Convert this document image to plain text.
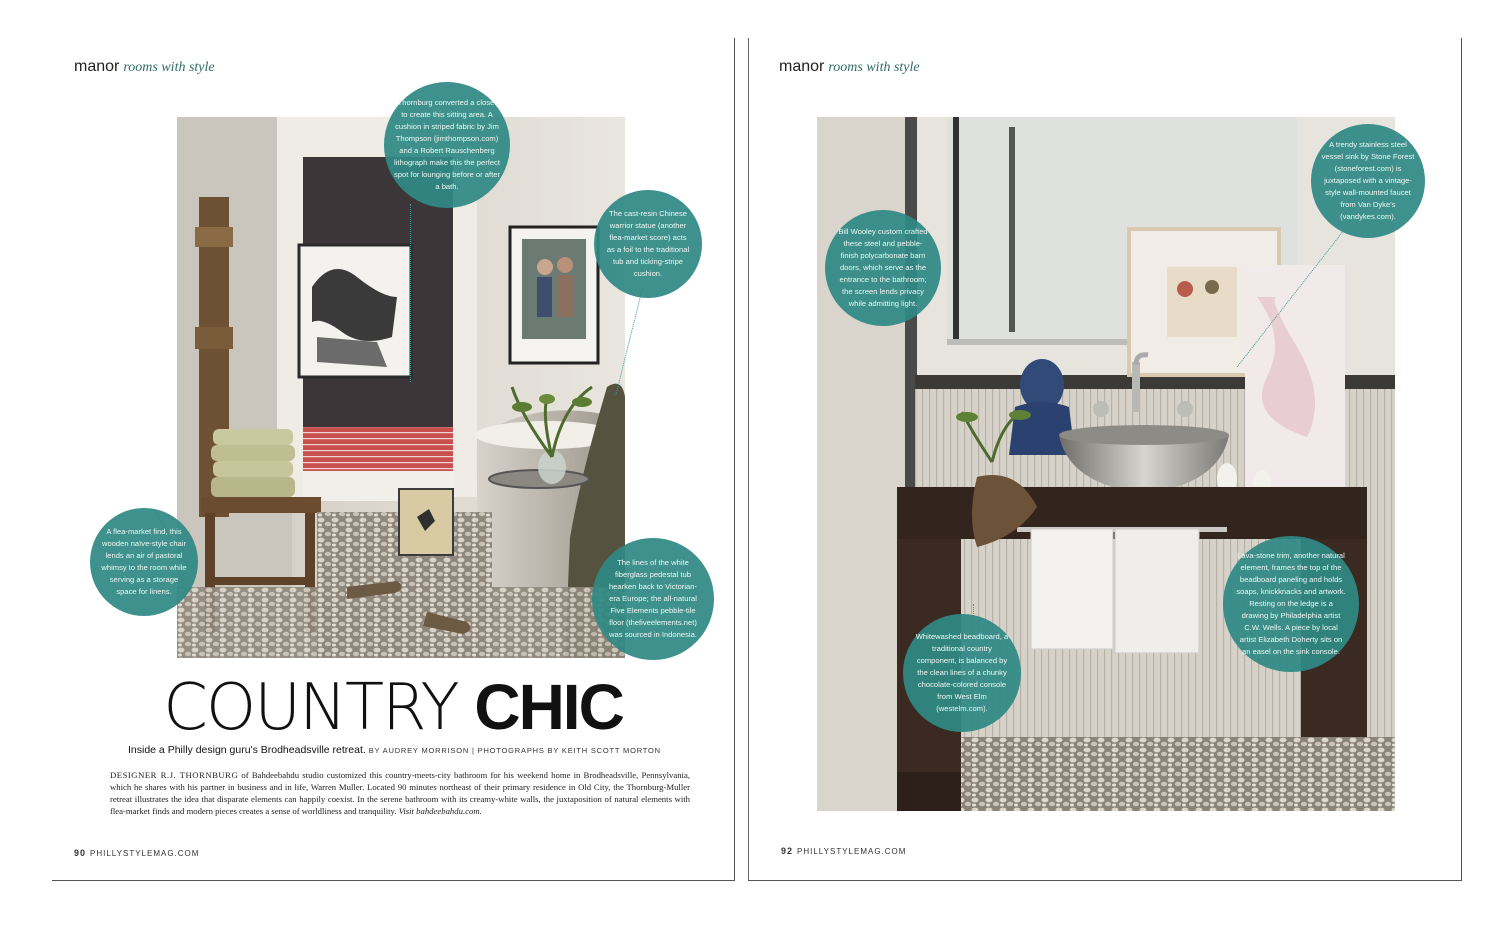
manor rooms with style
Thornburg converted a closet to create this sitting area. A cushion in striped fabric by Jim Thompson (jimthompson.com) and a Robert Rauschenberg lithograph make this the perfect spot for lounging before or after a bath.
The cast-resin Chinese warrior statue (another flea-market score) acts as a foil to the traditional tub and ticking-stripe cushion.
A flea-market find, this wooden naïve-style chair lends an air of pastoral whimsy to the room while serving as a storage space for linens.
The lines of the white fiberglass pedestal tub hearken back to Victorian-era Europe; the all-natural Five Elements pebble-tile floor (thefiveelements.net) was sourced in Indonesia.
COUNTRY CHIC
Inside a Philly design guru's Brodheadsville retreat. BY AUDREY MORRISON | PHOTOGRAPHS BY KEITH SCOTT MORTON
DESIGNER R.J. THORNBURG of Bahdeebahdu studio customized this country-meets-city bathroom for his weekend home in Brodheadsville, Pennsylvania, which he shares with his partner in business and in life, Warren Muller. Located 90 minutes northeast of their primary residence in Old City, the Thornburg-Muller retreat illustrates the idea that disparate elements can happily coexist. In the serene bathroom with its creamy-white walls, the juxtaposition of natural elements with flea-market finds and modern pieces creates a sense of worldliness and tranquility. Visit bahdeebahdu.com.
90 PHILLYSTYLEMAG.COM
manor rooms with style
A trendy stainless steel vessel sink by Stone Forest (stoneforest.com) is juxtaposed with a vintage-style wall-mounted faucet from Van Dyke's (vandykes.com).
Bill Wooley custom crafted these steel and pebble-finish polycarbonate barn doors, which serve as the entrance to the bathroom; the screen lends privacy while admitting light.
Lava-stone trim, another natural element, frames the top of the beadboard paneling and holds soaps, knickknacks and artwork. Resting on the ledge is a drawing by Philadelphia artist C.W. Wells. A piece by local artist Elizabeth Doherty sits on an easel on the sink console.
Whitewashed beadboard, a traditional country component, is balanced by the clean lines of a chunky chocolate-colored console from West Elm (westelm.com).
92 PHILLYSTYLEMAG.COM
